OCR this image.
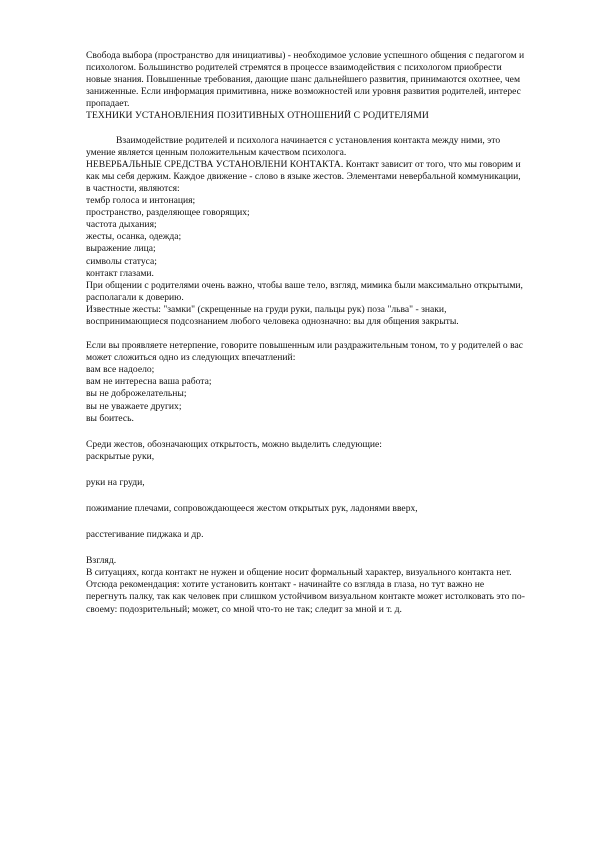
Свобода выбора (пространство для инициативы) - необходимое условие успешного общения с педагогом и психологом. Большинство родителей стремятся в процессе взаимодействия с психологом приобрести новые знания. Повышенные требования, дающие шанс дальнейшего развития, принимаются охотнее, чем заниженные. Если информация примитивна, ниже возможностей или уровня развития родителей, интерес пропадает.

ТЕХНИКИ УСТАНОВЛЕНИЯ ПОЗИТИВНЫХ ОТНОШЕНИЙ С РОДИТЕЛЯМИ

Взаимодействие родителей и психолога начинается с установления контакта между ними, это умение является ценным положительным качеством психолога.

НЕВЕРБАЛЬНЫЕ СРЕДСТВА УСТАНОВЛЕНИ КОНТАКТА. Контакт зависит от того, что мы говорим и как мы себя держим. Каждое движение - слово в языке жестов. Элементами невербальной коммуникации, в частности, являются:

тембр голоса и интонация;
пространство, разделяющее говорящих;
частота дыхания;
жесты, осанка, одежда;
выражение лица;
символы статуса;
контакт глазами.

При общении с родителями очень важно, чтобы ваше тело, взгляд, мимика были максимально открытыми, располагали к доверию.

Известные жесты: "замки" (скрещенные на груди руки, пальцы рук) поза "льва" - знаки, воспринимающиеся подсознанием любого человека однозначно: вы для общения закрыты.

Если вы проявляете нетерпение, говорите повышенным или раздражительным тоном, то у родителей о вас может сложиться одно из следующих впечатлений:

вам все надоело;
вам не интересна ваша работа;
вы не доброжелательны;
вы не уважаете других;
вы боитесь.

Среди жестов, обозначающих открытость, можно выделить следующие:

раскрытые руки,

руки на груди,

пожимание плечами, сопровождающееся жестом открытых рук, ладонями вверх,

расстегивание пиджака и др.

Взгляд.

В ситуациях, когда контакт не нужен и общение носит формальный характер, визуального контакта нет.

Отсюда рекомендация: хотите установить контакт - начинайте со взгляда в глаза, но тут важно не перегнуть палку, так как человек при слишком устойчивом визуальном контакте может истолковать это по-своему: подозрительный; может, со мной что-то не так; следит за мной и т. д.
